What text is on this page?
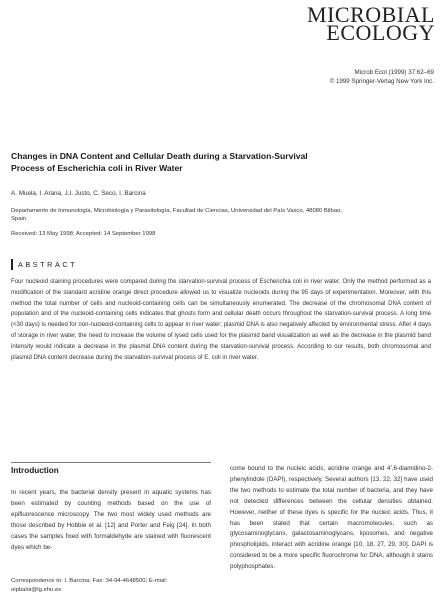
MICROBIAL
ECOLOGY
Microb Ecol (1999) 37:62–69
© 1999 Springer-Verlag New York Inc.
Changes in DNA Content and Cellular Death during a Starvation-Survival Process of Escherichia coli in River Water
A. Muela, I. Arana, J.I. Justo, C. Seco, I. Barcina
Departamento de Inmunología, Microbiología y Parasitología, Facultad de Ciencias, Universidad del País Vasco, 48080 Bilbao, Spain
Received: 13 May 1998; Accepted: 14 September 1998
ABSTRACT

Four nucleoid staining procedures were compared during the starvation-survival process of Escherichia coli in river water. Only the method performed as a modification of the standard acridine orange direct procedure allowed us to visualize nucleoids during the 95 days of experimentation. Moreover, with this method the total number of cells and nucleoid-containing cells can be simultaneously enumerated. The decrease of the chromosomal DNA content of population and of the nucleoid-containing cells indicates that ghosts form and cellular death occurs throughout the starvation-survival process. A long time (<30 days) is needed for non-nucleoid-containing cells to appear in river water; plasmid DNA is also negatively affected by environmental stress. After 4 days of storage in river water, the need to increase the volume of lysed cells used for the plasmid band visualization as well as the decrease in the plasmid band intensity would indicate a decrease in the plasmid DNA content during the starvation-survival process. According to our results, both chromosomal and plasmid DNA content decrease during the starvation-survival process of E. coli in river water.

Introduction

In recent years, the bacterial density present in aquatic systems has been estimated by counting methods based on the use of epifluorescence microscopy. The two most widely used methods are those described by Hobbie et al. [12] and Porter and Feig [24]. In both cases the samples fixed with formaldehyde are stained with fluorescent dyes which be-

come bound to the nucleic acids, acridine orange and 4′,6-diamidino-2-phenylindole (DAPI), respectively. Several authors [13, 22, 32] have used the two methods to estimate the total number of bacteria, and they have not detected differences between the cellular densities obtained. However, neither of these dyes is specific for the nucleic acids. Thus, it has been stated that certain macromolecules, such as glycosaminoglycans, galactosaminoglycans, liposomes, and negative phospholipids, interact with acridine orange [10, 18, 27, 29, 30]. DAPI is considered to be a more specific fluorochrome for DNA, although it stains polyphosphates.

Correspondence to: I. Barcina; Fax: 34-94-4648500; E-mail: oipbaloi@lg.ehu.es
